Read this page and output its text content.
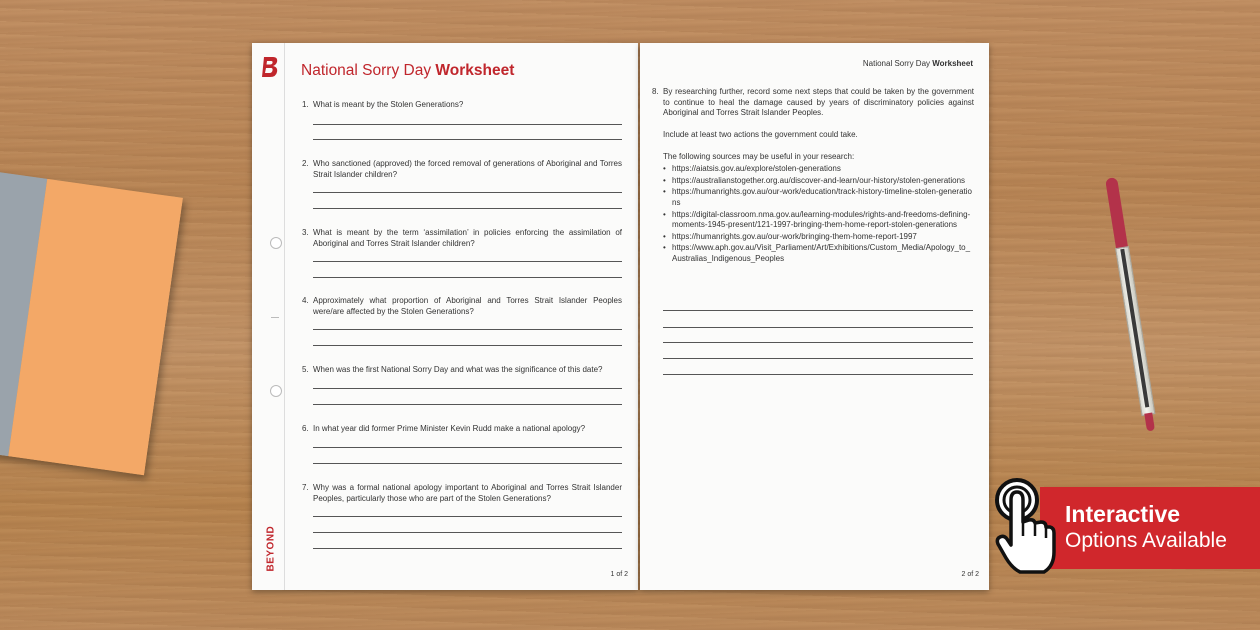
BEYOND
National Sorry Day Worksheet
1. What is meant by the Stolen Generations?
2. Who sanctioned (approved) the forced removal of generations of Aboriginal and Torres Strait Islander children?
3. What is meant by the term ‘assimilation’ in policies enforcing the assimilation of Aboriginal and Torres Strait Islander children?
4. Approximately what proportion of Aboriginal and Torres Strait Islander Peoples were/are affected by the Stolen Generations?
5. When was the first National Sorry Day and what was the significance of this date?
6. In what year did former Prime Minister Kevin Rudd make a national apology?
7. Why was a formal national apology important to Aboriginal and Torres Strait Islander Peoples, particularly those who are part of the Stolen Generations?
1 of 2
National Sorry Day Worksheet
8. By researching further, record some next steps that could be taken by the government to continue to heal the damage caused by years of discriminatory policies against Aboriginal and Torres Strait Islander Peoples.
Include at least two actions the government could take.
The following sources may be useful in your research:
• https://aiatsis.gov.au/explore/stolen-generations
• https://australianstogether.org.au/discover-and-learn/our-history/stolen-generations
• https://humanrights.gov.au/our-work/education/track-history-timeline-stolen-generations
• https://digital-classroom.nma.gov.au/learning-modules/rights-and-freedoms-defining-moments-1945-present/121-1997-bringing-them-home-report-stolen-generations
• https://humanrights.gov.au/our-work/bringing-them-home-report-1997
• https://www.aph.gov.au/Visit_Parliament/Art/Exhibitions/Custom_Media/Apology_to_Australias_Indigenous_Peoples
2 of 2
Interactive
Options Available
